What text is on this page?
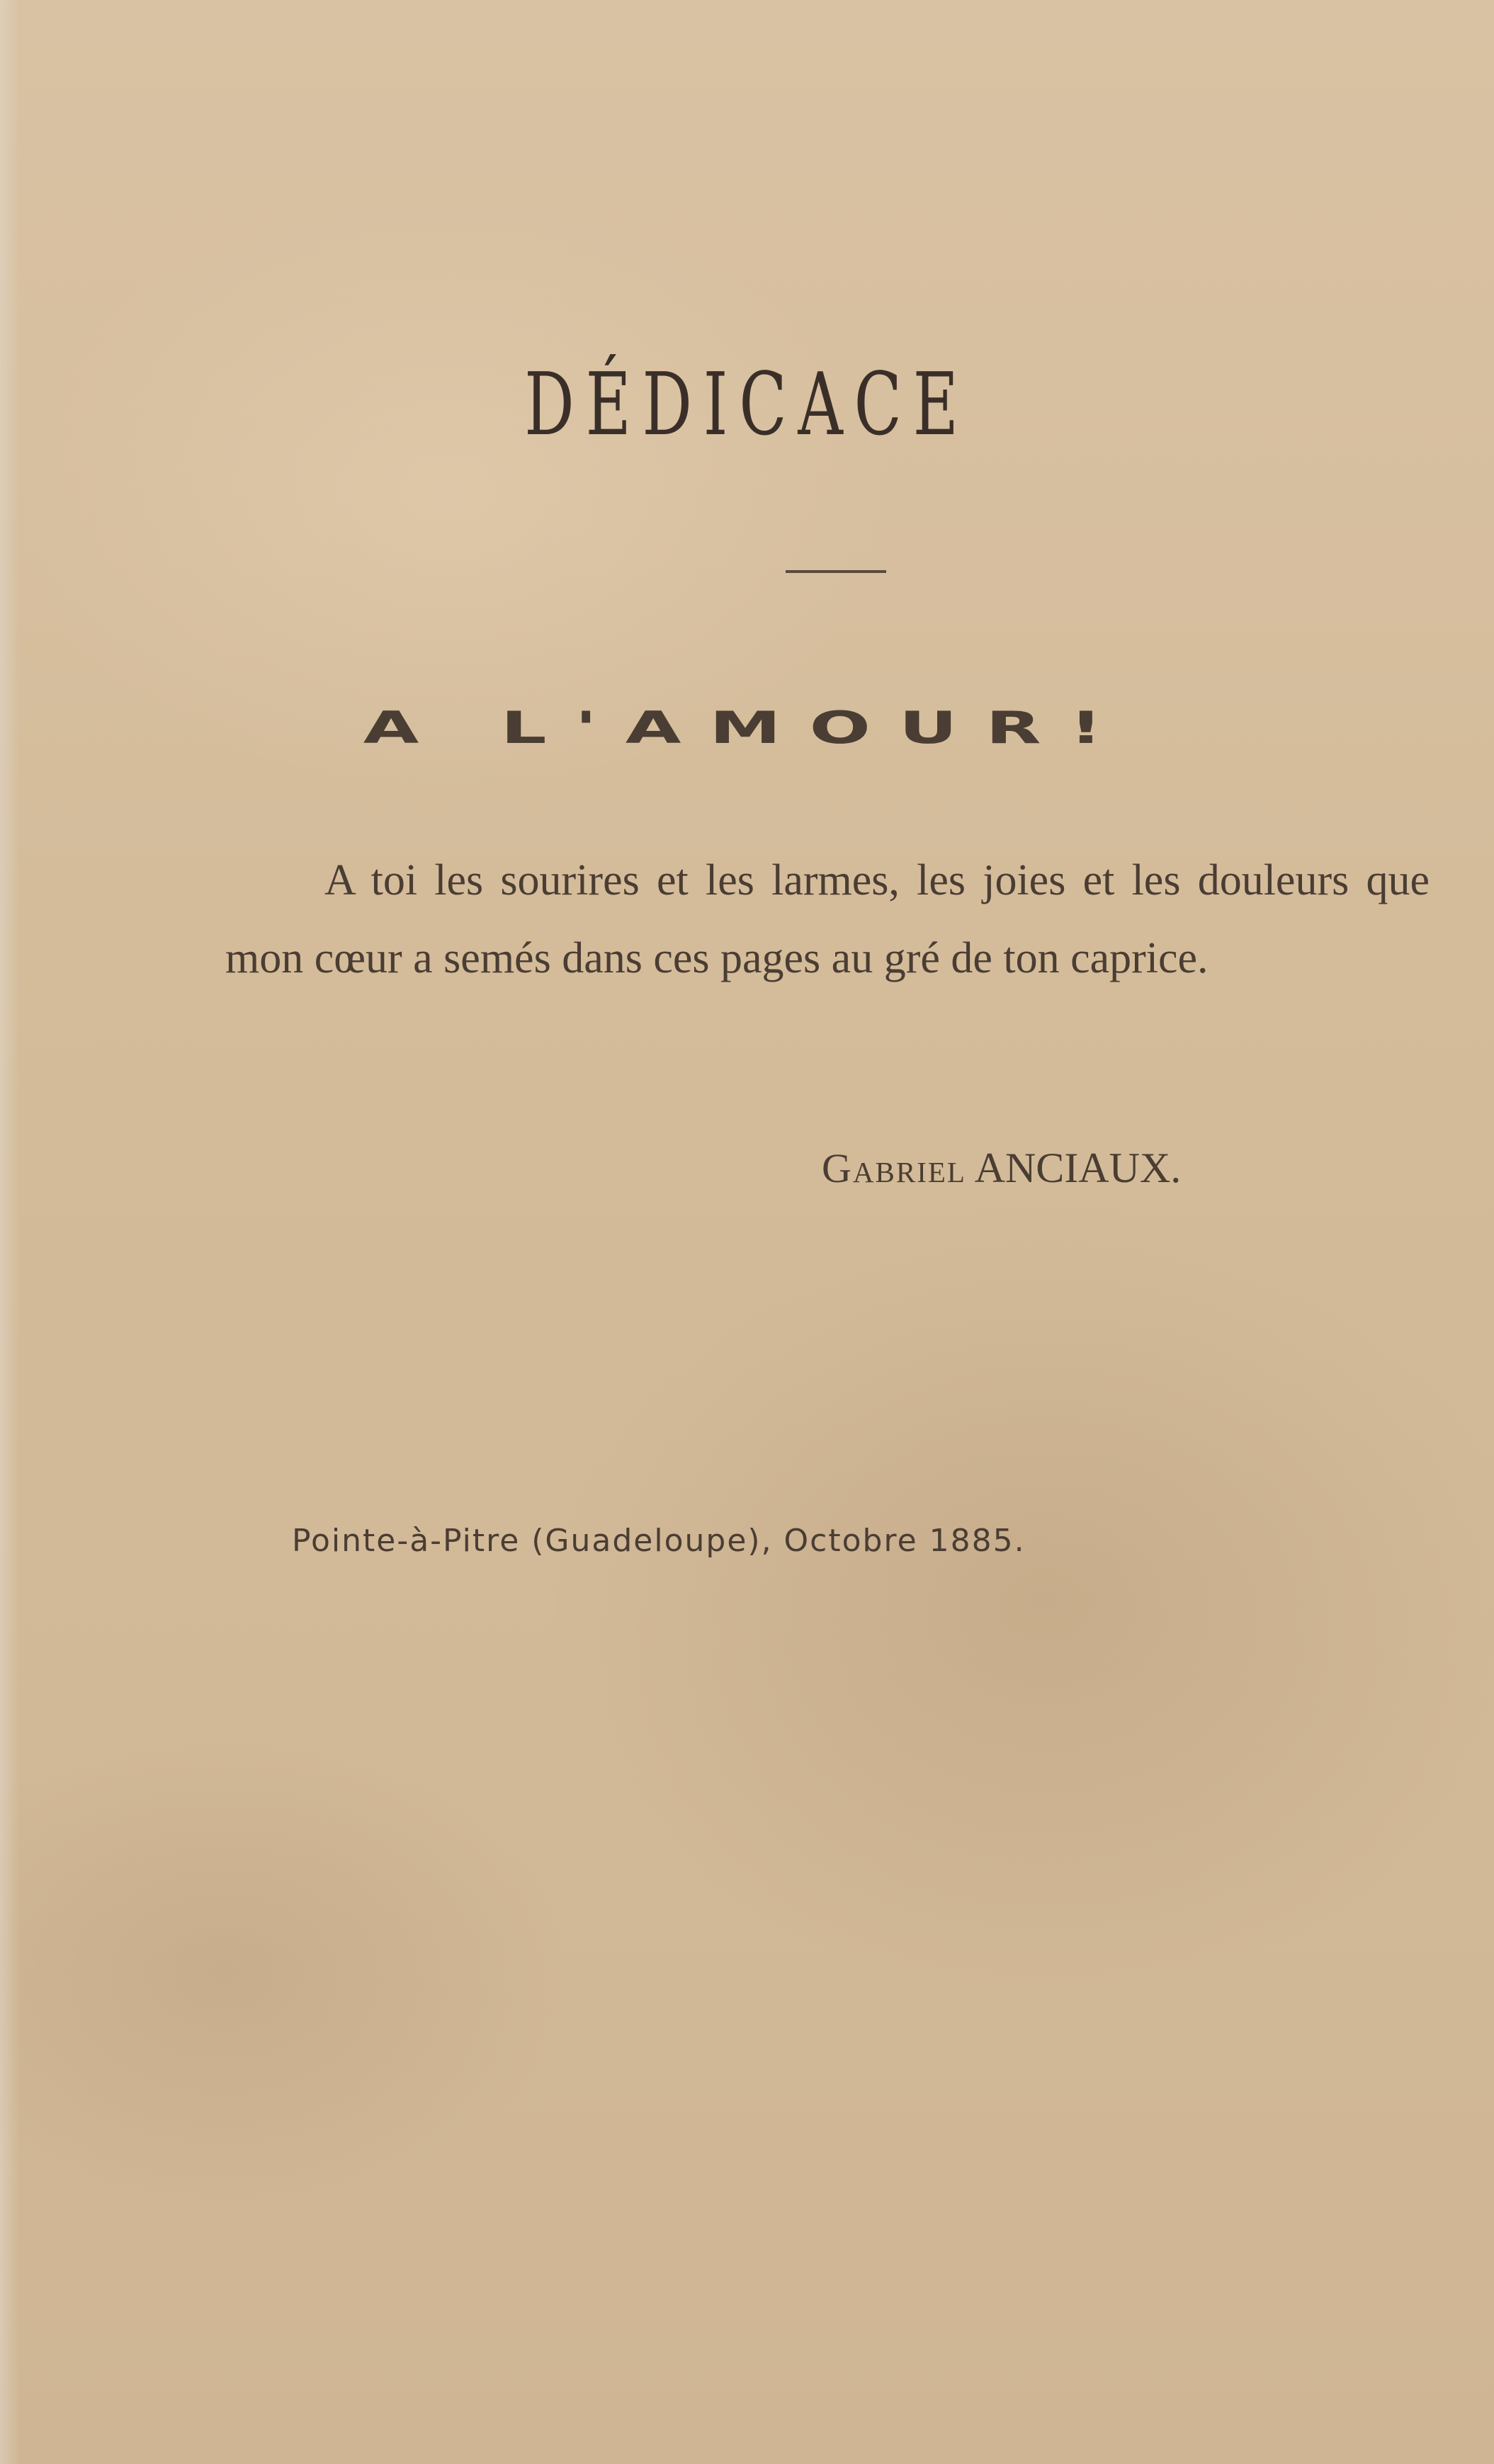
DÉDICACE
A L'AMOUR!

A toi les sourires et les larmes, les joies et les douleurs que mon cœur a semés dans ces pages au gré de ton caprice.

Gabriel ANCIAUX.
Pointe-à-Pitre (Guadeloupe), Octobre 1885.
